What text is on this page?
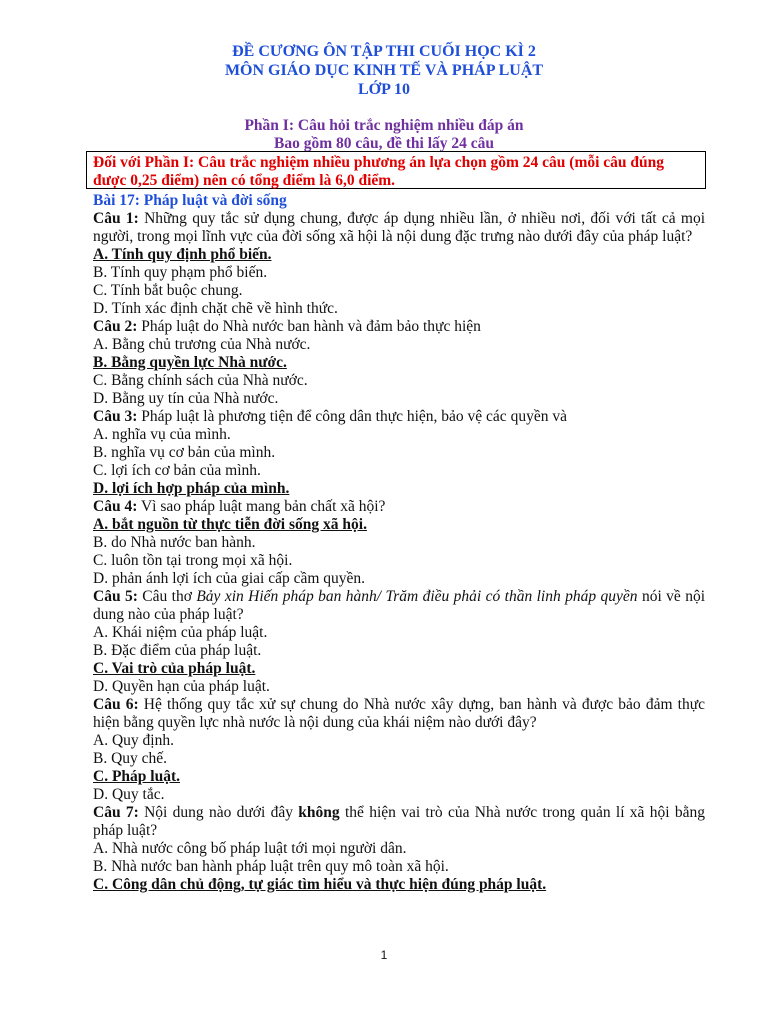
ĐỀ CƯƠNG ÔN TẬP THI CUỐI HỌC KÌ 2
MÔN GIÁO DỤC KINH TẾ VÀ PHÁP LUẬT
LỚP 10
Phần I: Câu hỏi trắc nghiệm nhiều đáp án
Bao gồm 80 câu, đề thi lấy 24 câu
Đối với Phần I: Câu trắc nghiệm nhiều phương án lựa chọn gồm 24 câu (mỗi câu đúng được 0,25 điểm) nên có tổng điểm là 6,0 điểm.
Bài 17: Pháp luật và đời sống

Câu 1: Những quy tắc sử dụng chung, được áp dụng nhiều lần, ở nhiều nơi, đối với tất cả mọi người, trong mọi lĩnh vực của đời sống xã hội là nội dung đặc trưng nào dưới đây của pháp luật?

A. Tính quy định phổ biến.

B. Tính quy phạm phổ biến.

C. Tính bắt buộc chung.

D. Tính xác định chặt chẽ về hình thức.

Câu 2: Pháp luật do Nhà nước ban hành và đảm bảo thực hiện

A. Bằng chủ trương của Nhà nước.

B. Bằng quyền lực Nhà nước.

C. Bằng chính sách của Nhà nước.

D. Bằng uy tín của Nhà nước.

Câu 3: Pháp luật là phương tiện để công dân thực hiện, bảo vệ các quyền và

A. nghĩa vụ của mình.

B. nghĩa vụ cơ bản của mình.

C. lợi ích cơ bản của mình.

D. lợi ích hợp pháp của mình.

Câu 4: Vì sao pháp luật mang bản chất xã hội?

A. bắt nguồn từ thực tiễn đời sống xã hội.

B. do Nhà nước ban hành.

C. luôn tồn tại trong mọi xã hội.

D. phản ánh lợi ích của giai cấp cầm quyền.

Câu 5: Câu thơ Bảy xin Hiến pháp ban hành/ Trăm điều phải có thần linh pháp quyền nói về nội dung nào của pháp luật?

A. Khái niệm của pháp luật.

B. Đặc điểm của pháp luật.

C. Vai trò của pháp luật.

D. Quyền hạn của pháp luật.

Câu 6: Hệ thống quy tắc xử sự chung do Nhà nước xây dựng, ban hành và được bảo đảm thực hiện bằng quyền lực nhà nước là nội dung của khái niệm nào dưới đây?

A. Quy định.

B. Quy chế.

C. Pháp luật.

D. Quy tắc.

Câu 7: Nội dung nào dưới đây không thể hiện vai trò của Nhà nước trong quản lí xã hội bằng pháp luật?

A. Nhà nước công bố pháp luật tới mọi người dân.

B. Nhà nước ban hành pháp luật trên quy mô toàn xã hội.

C. Công dân chủ động, tự giác tìm hiểu và thực hiện đúng pháp luật.

1
